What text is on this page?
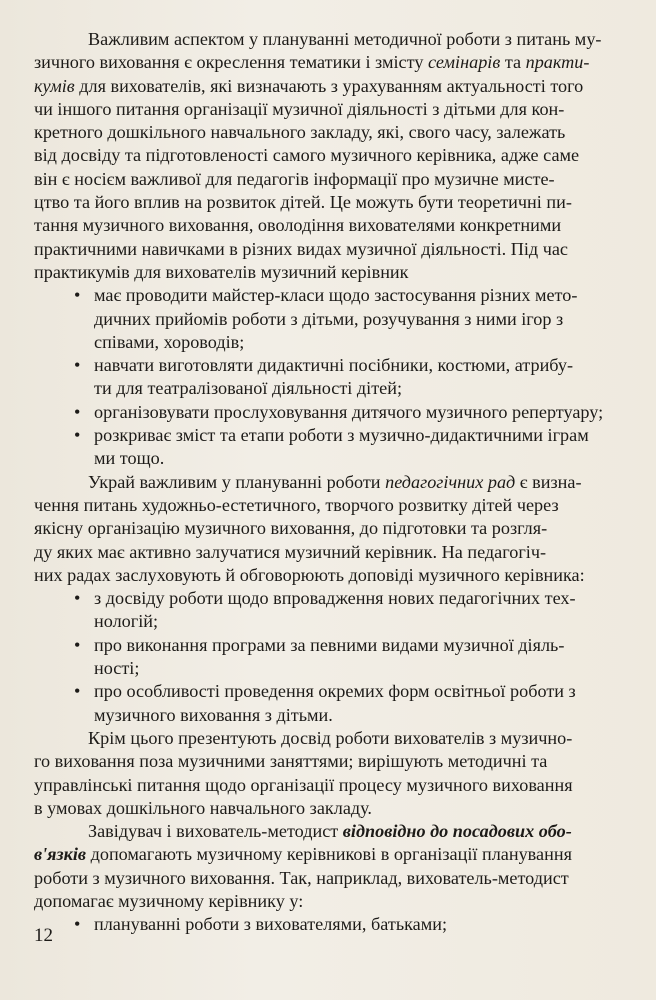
Важливим аспектом у плануванні методичної роботи з питань му-
зичного виховання є окреслення тематики і змісту семінарів та практи-
кумів для вихователів, які визначають з урахуванням актуальності того
чи іншого питання організації музичної діяльності з дітьми для кон-
кретного дошкільного навчального закладу, які, свого часу, залежать
від досвіду та підготовленості самого музичного керівника, адже саме
він є носієм важливої для педагогів інформації про музичне мисте-
цтво та його вплив на розвиток дітей. Це можуть бути теоретичні пи-
тання музичного виховання, оволодіння вихователями конкретними
практичними навичками в різних видах музичної діяльності. Під час
практикумів для вихователів музичний керівник
• має проводити майстер-класи щодо застосування різних мето-
дичних прийомів роботи з дітьми, розучування з ними ігор з
співами, хороводів;
• навчати виготовляти дидактичні посібники, костюми, атрибу-
ти для театралізованої діяльності дітей;
• організовувати прослуховування дитячого музичного репертуару;
• розкриває зміст та етапи роботи з музично-дидактичними іграм
ми тощо.
Украй важливим у плануванні роботи педагогічних рад є визна-
чення питань художньо-естетичного, творчого розвитку дітей через
якісну організацію музичного виховання, до підготовки та розгля-
ду яких має активно залучатися музичний керівник. На педагогіч-
них радах заслуховують й обговорюють доповіді музичного керівника:
• з досвіду роботи щодо впровадження нових педагогічних тех-
нологій;
• про виконання програми за певними видами музичної діяль-
ності;
• про особливості проведення окремих форм освітньої роботи з
музичного виховання з дітьми.
Крім цього презентують досвід роботи вихователів з музично-
го виховання поза музичними заняттями; вирішують методичні та
управлінські питання щодо організації процесу музичного виховання
в умовах дошкільного навчального закладу.
Завідувач і вихователь-методист відповідно до посадових обо-
в'язків допомагають музичному керівникові в організації планування
роботи з музичного виховання. Так, наприклад, вихователь-методист
допомагає музичному керівнику у:
• плануванні роботи з вихователями, батьками;
12
